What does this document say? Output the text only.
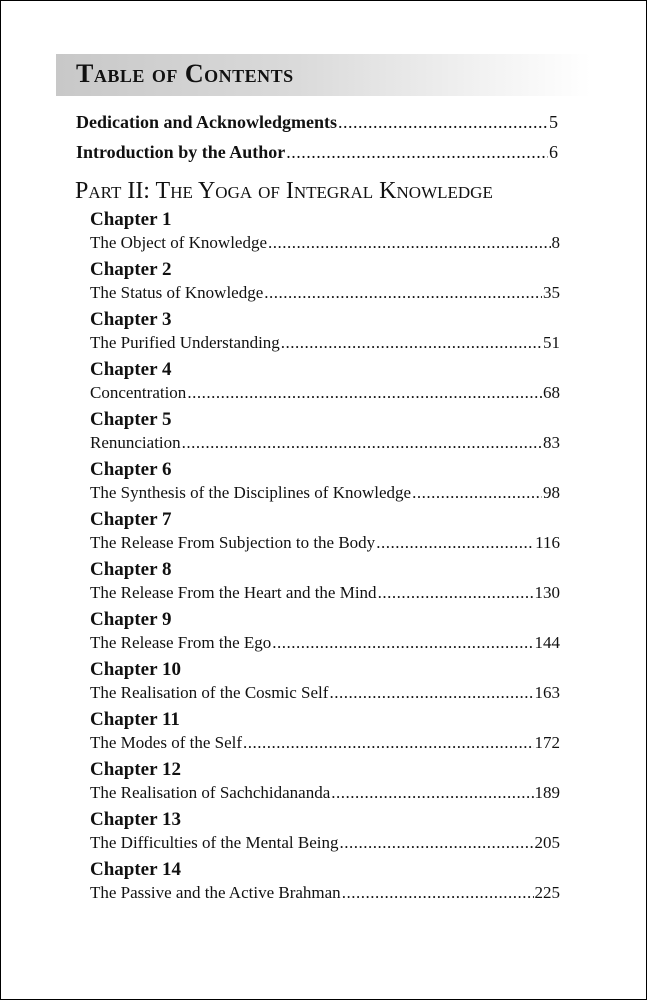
Table of Contents
Dedication and Acknowledgments .....	5
Introduction by the Author .....	6
Part II: The Yoga of Integral Knowledge
Chapter 1
The Object of Knowledge .....	8
Chapter 2
The Status of Knowledge .....	35
Chapter 3
The Purified Understanding .....	51
Chapter 4
Concentration .....	68
Chapter 5
Renunciation .....	83
Chapter 6
The Synthesis of the Disciplines of Knowledge .....	98
Chapter 7
The Release From Subjection to the Body .....	116
Chapter 8
The Release From the Heart and the Mind .....	130
Chapter 9
The Release From the Ego .....	144
Chapter 10
The Realisation of the Cosmic Self .....	163
Chapter 11
The Modes of the Self .....	172
Chapter 12
The Realisation of Sachchidananda .....	189
Chapter 13
The Difficulties of the Mental Being .....	205
Chapter 14
The Passive and the Active Brahman .....	225
